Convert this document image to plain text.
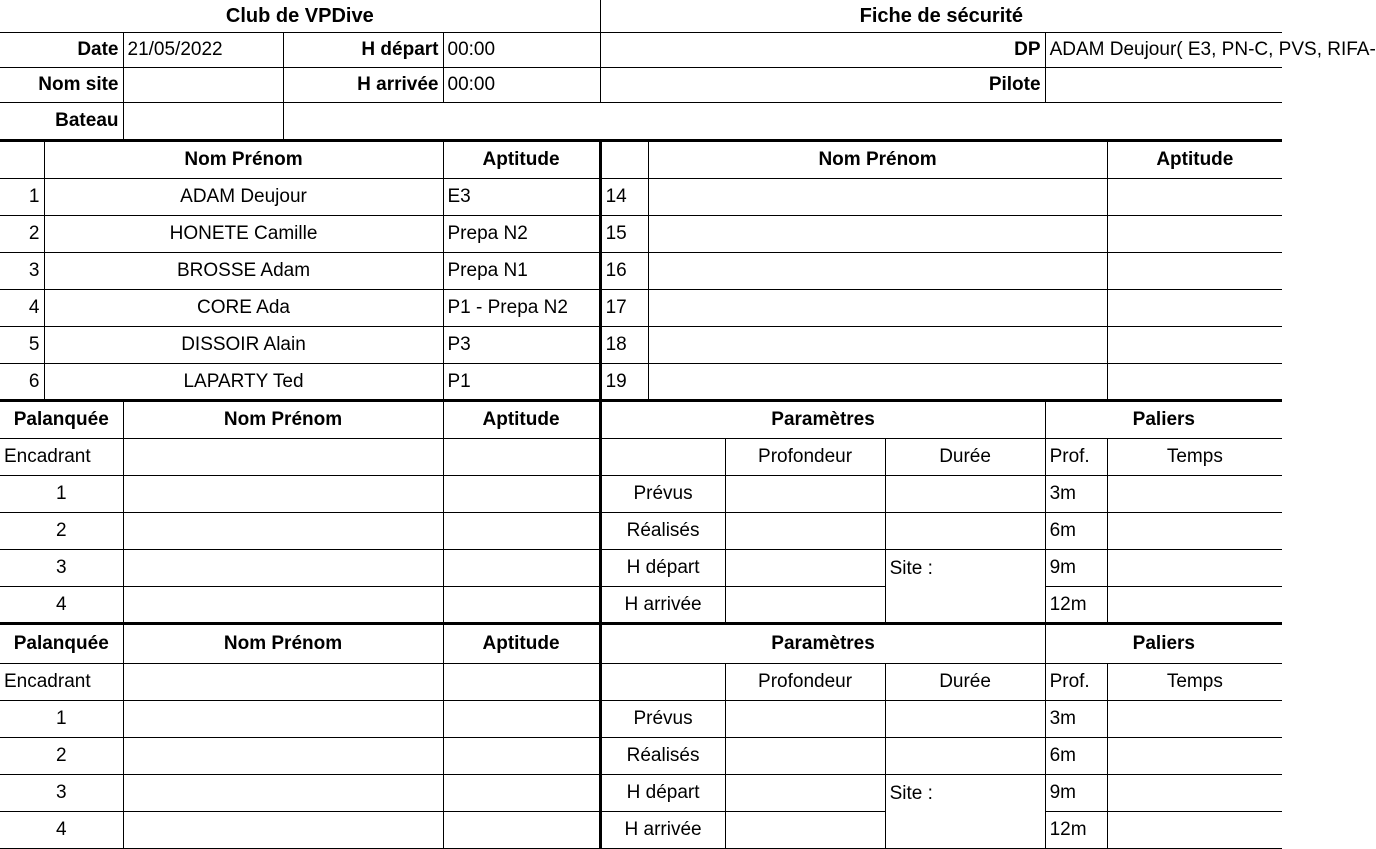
Club de VPDive					Fiche de sécurité					
Date		21/05/2022	H départ	00:00	DP				ADAM Deujour( E3, PN-C, PVS, RIFA-	
Nom site			H arrivée	00:00	Pilote					
Bateau										
	Nom Prénom			Aptitude		Nom Prénom				Aptitude
1	ADAM Deujour			E3	14					
2	HONETE Camille			Prepa N2	15					
3	BROSSE Adam			Prepa N1	16					
4	CORE Ada			P1 - Prepa N2	17					
5	DISSOIR Alain			P3	18					
6	LAPARTY Ted			P1	19					
Palanquée		Nom Prénom		Aptitude	Paramètres				Paliers	
Encadrant							Profondeur	Durée	Prof.	Temps
1					Prévus				3m	
2					Réalisés				6m	
3					H départ			Site :	9m	
4					H arrivée				12m	
Palanquée		Nom Prénom		Aptitude	Paramètres				Paliers	
Encadrant							Profondeur	Durée	Prof.	Temps
1					Prévus				3m	
2					Réalisés				6m	
3					H départ			Site :	9m	
4					H arrivée				12m	
